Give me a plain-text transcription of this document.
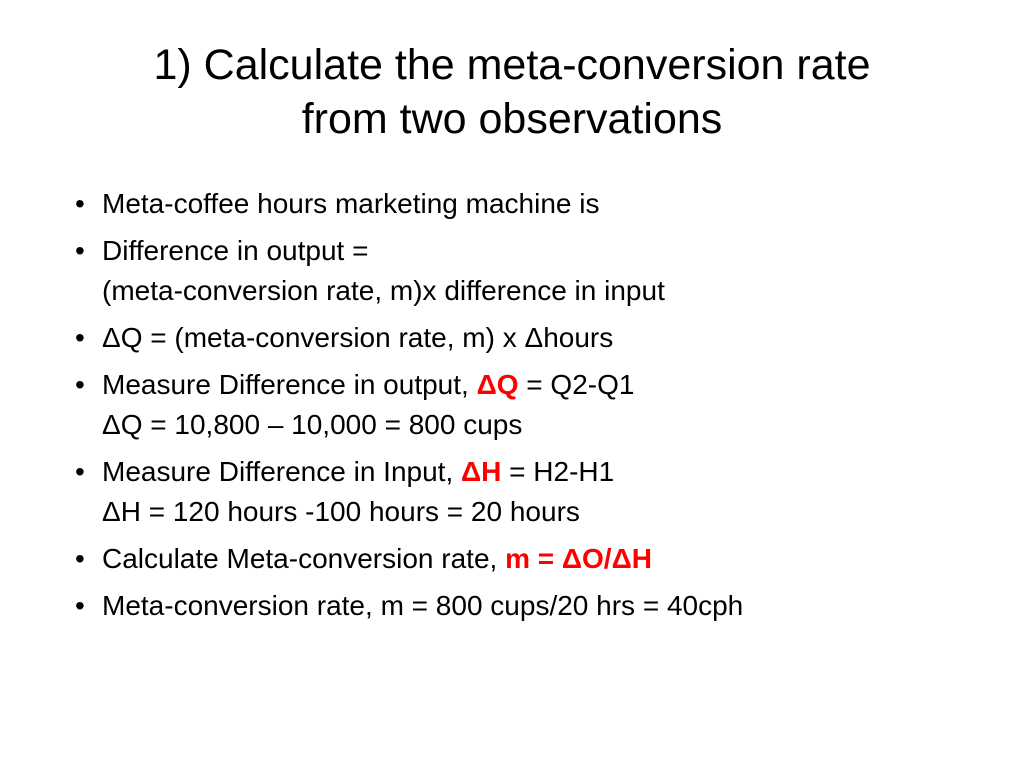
1) Calculate the meta-conversion rate
from two observations
• Meta-coffee hours marketing machine is
• Difference in output =
(meta-conversion rate, m)x difference in input
• ΔQ = (meta-conversion rate, m) x Δhours
• Measure Difference in output, ΔQ = Q2-Q1
ΔQ = 10,800 – 10,000 = 800 cups
• Measure Difference in Input, ΔH = H2-H1
ΔH = 120 hours -100 hours = 20 hours
• Calculate Meta-conversion rate, m = ΔO/ΔH
• Meta-conversion rate, m = 800 cups/20 hrs = 40cph
